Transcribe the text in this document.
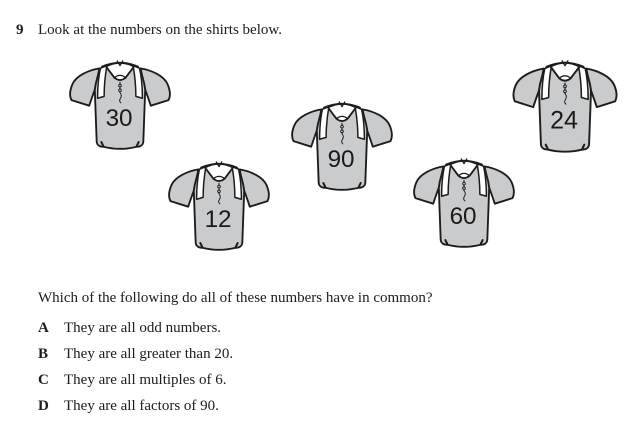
9 Look at the numbers on the shirts below.
30
12
90
60
24
Which of the following do all of these numbers have in common?
A They are all odd numbers.
B They are all greater than 20.
C They are all multiples of 6.
D They are all factors of 90.
